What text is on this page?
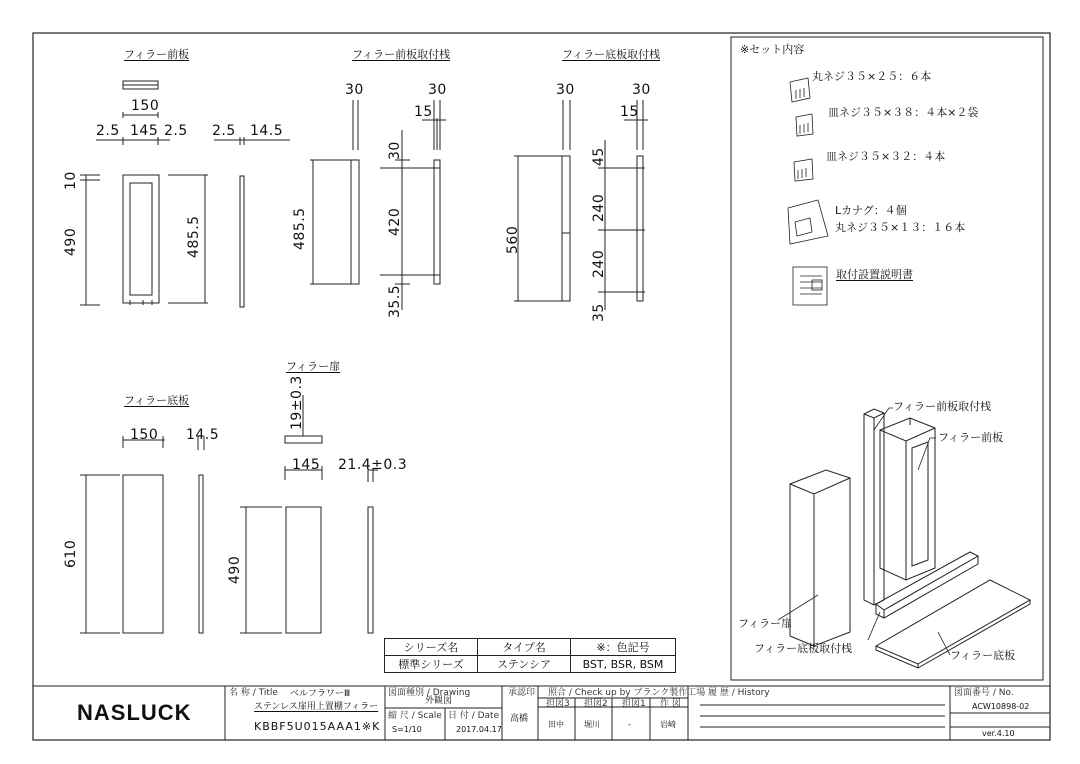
フィラー前板	フィラー前板取付桟	フィラー底板取付桟
フィラー底板
フィラー扉
150
2.5 145 2.5 2.5 14.5
10
490	485.5
30	30
15
485.5
30
420
35.5
30	30
15
560
45
240
240
35
150 14.5
610
19±0.3
145 21.4±0.3
490
※セット内容
丸ネジ３５×２５：６本
皿ネジ３５×３８：４本×２袋
皿ネジ３５×３２：４本
Lカナグ：４個
丸ネジ３５×１３：１６本
取付設置説明書
フィラー前板取付桟
フィラー前板
フィラー扉
フィラー底板取付桟
フィラー底板
シリーズ名	タイプ名	※：色記号
標準シリーズ	ステンシア	BST, BSR, BSM
NASLUCK
名 称 / Title ベルフラワーⅢ
ステンレス扉用上置棚フィラー
KBBF5U015AAA1※K
図面種別 / Drawing
外観図
縮 尺 / Scale
S=1/10
日 付 / Date
2017.04.17
承認印
高橋
照合 / Check up by ブランク製作工場
担図3 担図2 担図1 作 図
田中	堀川	-	岩崎
履 歴 / History	図面番号 / No.
ACW10898-02
ver.4.10
